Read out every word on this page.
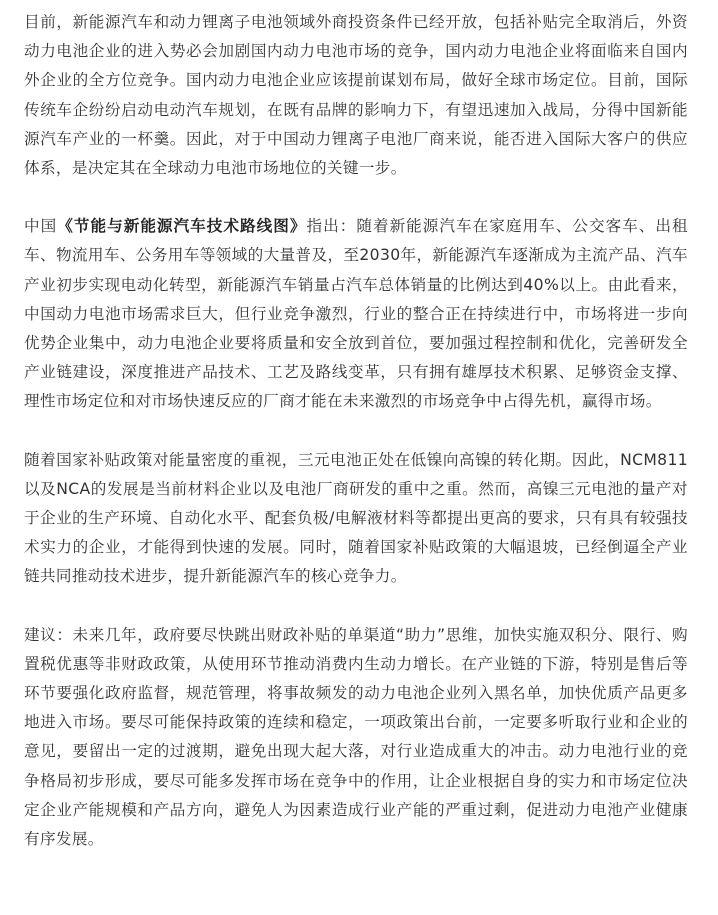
目前，新能源汽车和动力锂离子电池领域外商投资条件已经开放，包括补贴完全取消后，外资动力电池企业的进入势必会加剧国内动力电池市场的竞争，国内动力电池企业将面临来自国内外企业的全方位竞争。国内动力电池企业应该提前谋划布局，做好全球市场定位。目前，国际传统车企纷纷启动电动汽车规划，在既有品牌的影响力下，有望迅速加入战局，分得中国新能源汽车产业的一杯羹。因此，对于中国动力锂离子电池厂商来说，能否进入国际大客户的供应体系，是决定其在全球动力电池市场地位的关键一步。

中国《节能与新能源汽车技术路线图》指出：随着新能源汽车在家庭用车、公交客车、出租车、物流用车、公务用车等领域的大量普及，至2030年，新能源汽车逐渐成为主流产品、汽车产业初步实现电动化转型，新能源汽车销量占汽车总体销量的比例达到40%以上。由此看来，中国动力电池市场需求巨大，但行业竞争激烈，行业的整合正在持续进行中，市场将进一步向优势企业集中，动力电池企业要将质量和安全放到首位，要加强过程控制和优化，完善研发全产业链建设，深度推进产品技术、工艺及路线变革，只有拥有雄厚技术积累、足够资金支撑、理性市场定位和对市场快速反应的厂商才能在未来激烈的市场竞争中占得先机，赢得市场。

随着国家补贴政策对能量密度的重视，三元电池正处在低镍向高镍的转化期。因此，NCM811以及NCA的发展是当前材料企业以及电池厂商研发的重中之重。然而，高镍三元电池的量产对于企业的生产环境、自动化水平、配套负极/电解液材料等都提出更高的要求，只有具有较强技术实力的企业，才能得到快速的发展。同时，随着国家补贴政策的大幅退坡，已经倒逼全产业链共同推动技术进步，提升新能源汽车的核心竞争力。

建议：未来几年，政府要尽快跳出财政补贴的单渠道“助力”思维，加快实施双积分、限行、购置税优惠等非财政政策，从使用环节推动消费内生动力增长。在产业链的下游，特别是售后等环节要强化政府监督，规范管理，将事故频发的动力电池企业列入黑名单，加快优质产品更多地进入市场。要尽可能保持政策的连续和稳定，一项政策出台前，一定要多听取行业和企业的意见，要留出一定的过渡期，避免出现大起大落，对行业造成重大的冲击。动力电池行业的竞争格局初步形成，要尽可能多发挥市场在竞争中的作用，让企业根据自身的实力和市场定位决定企业产能规模和产品方向，避免人为因素造成行业产能的严重过剩，促进动力电池产业健康有序发展。
